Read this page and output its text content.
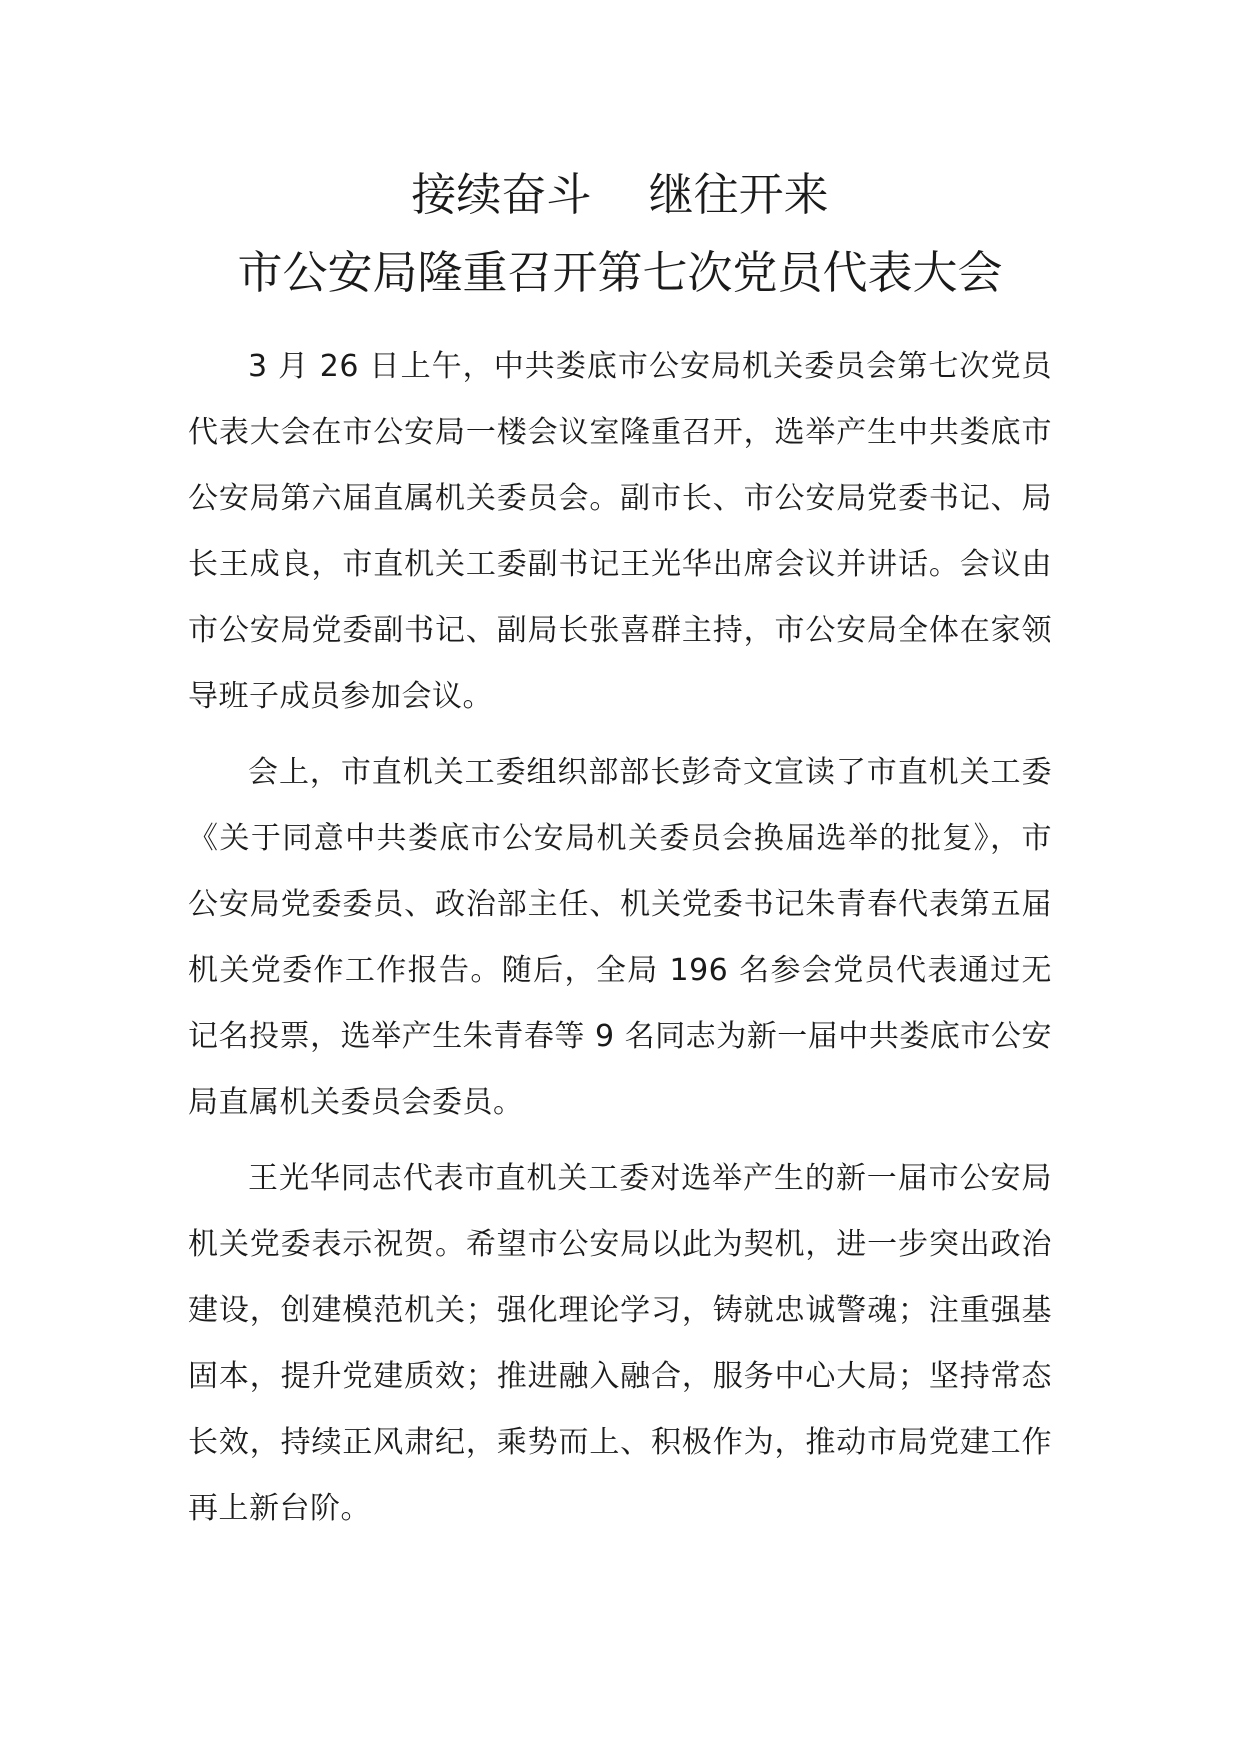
接续奋斗    继往开来
市公安局隆重召开第七次党员代表大会

3 月 26 日上午，中共娄底市公安局机关委员会第七次党员代表大会在市公安局一楼会议室隆重召开，选举产生中共娄底市公安局第六届直属机关委员会。副市长、市公安局党委书记、局长王成良，市直机关工委副书记王光华出席会议并讲话。会议由市公安局党委副书记、副局长张喜群主持，市公安局全体在家领导班子成员参加会议。

会上，市直机关工委组织部部长彭奇文宣读了市直机关工委《关于同意中共娄底市公安局机关委员会换届选举的批复》，市公安局党委委员、政治部主任、机关党委书记朱青春代表第五届机关党委作工作报告。随后，全局 196 名参会党员代表通过无记名投票，选举产生朱青春等 9 名同志为新一届中共娄底市公安局直属机关委员会委员。

王光华同志代表市直机关工委对选举产生的新一届市公安局机关党委表示祝贺。希望市公安局以此为契机，进一步突出政治建设，创建模范机关；强化理论学习，铸就忠诚警魂；注重强基固本，提升党建质效；推进融入融合，服务中心大局；坚持常态长效，持续正风肃纪，乘势而上、积极作为，推动市局党建工作再上新台阶。
